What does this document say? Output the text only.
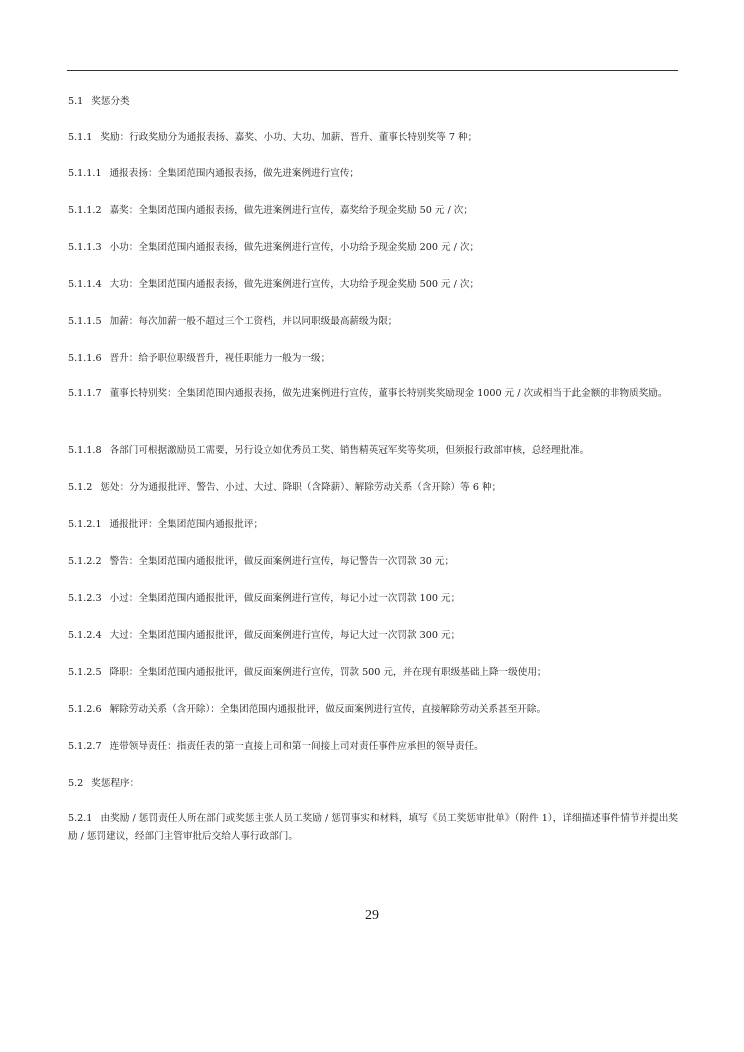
5.1 奖惩分类

5.1.1 奖励：行政奖励分为通报表扬、嘉奖、小功、大功、加薪、晋升、董事长特别奖等 7 种；

5.1.1.1 通报表扬：全集团范围内通报表扬，做先进案例进行宣传；

5.1.1.2 嘉奖：全集团范围内通报表扬，做先进案例进行宣传，嘉奖给予现金奖励 50 元 / 次；

5.1.1.3 小功：全集团范围内通报表扬，做先进案例进行宣传，小功给予现金奖励 200 元 / 次；

5.1.1.4 大功：全集团范围内通报表扬，做先进案例进行宣传，大功给予现金奖励 500 元 / 次；

5.1.1.5 加薪：每次加薪一般不超过三个工资档，并以同职级最高薪级为限；

5.1.1.6 晋升：给予职位职级晋升，视任职能力一般为一级；

5.1.1.7 董事长特别奖：全集团范围内通报表扬，做先进案例进行宣传，董事长特别奖奖励现金 1000 元 / 次或相当于此金额的非物质奖励。

5.1.1.8 各部门可根据激励员工需要，另行设立如优秀员工奖、销售精英冠军奖等奖项，但须报行政部审核，总经理批准。

5.1.2 惩处：分为通报批评、警告、小过、大过、降职（含降薪）、解除劳动关系（含开除）等 6 种；

5.1.2.1 通报批评：全集团范围内通报批评；

5.1.2.2 警告：全集团范围内通报批评，做反面案例进行宣传，每记警告一次罚款 30 元；

5.1.2.3 小过：全集团范围内通报批评，做反面案例进行宣传，每记小过一次罚款 100 元；

5.1.2.4 大过：全集团范围内通报批评，做反面案例进行宣传，每记大过一次罚款 300 元；

5.1.2.5 降职：全集团范围内通报批评，做反面案例进行宣传，罚款 500 元，并在现有职级基础上降一级使用；

5.1.2.6 解除劳动关系（含开除）：全集团范围内通报批评，做反面案例进行宣传，直接解除劳动关系甚至开除。

5.1.2.7 连带领导责任：指责任表的第一直接上司和第一间接上司对责任事件应承担的领导责任。

5.2 奖惩程序：

5.2.1 由奖励 / 惩罚责任人所在部门或奖惩主张人员工奖励 / 惩罚事实和材料，填写《员工奖惩审批单》（附件 1），详细描述事件情节并提出奖励 / 惩罚建议，经部门主管审批后交给人事行政部门。

29
